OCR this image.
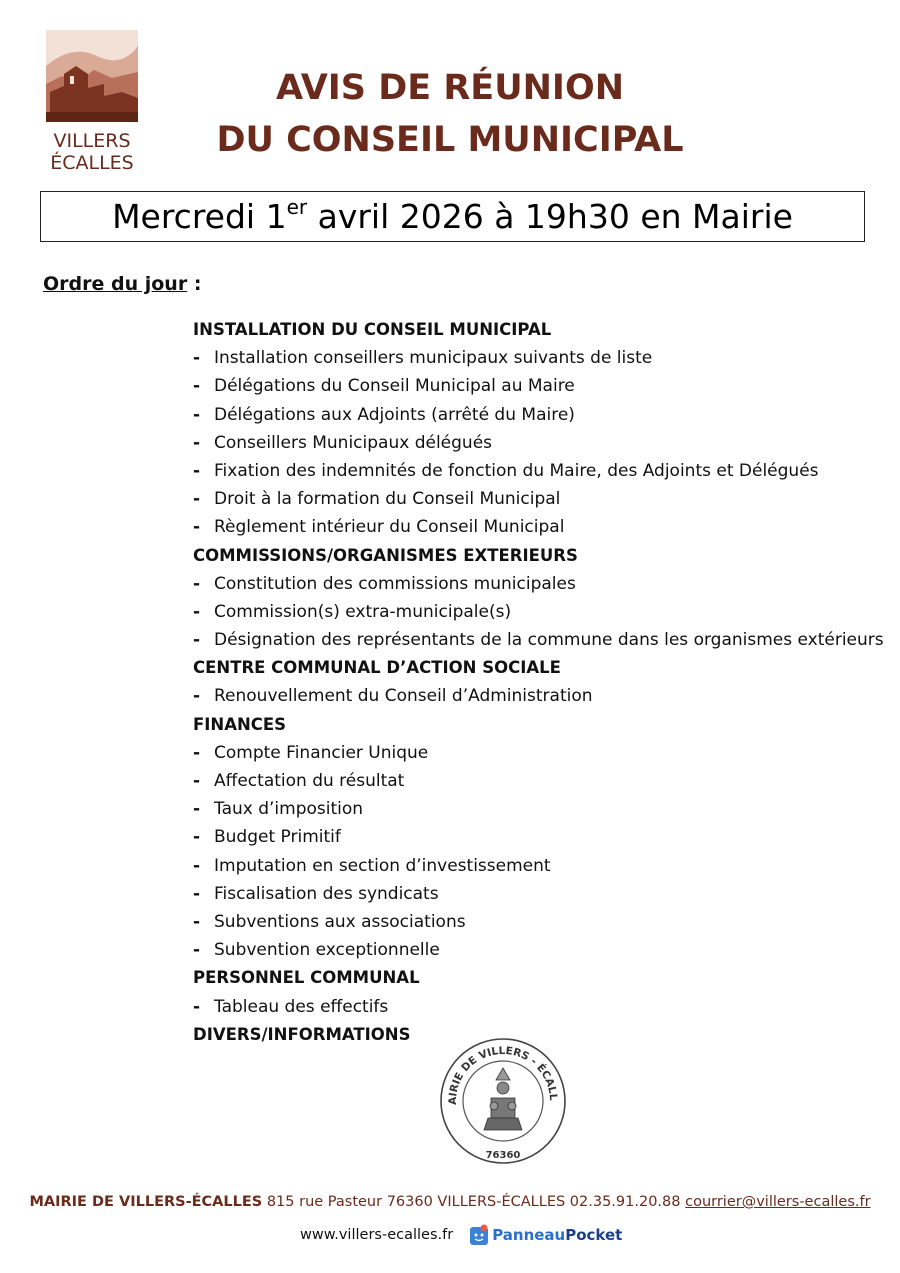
VILLERS
ÉCALLES
AVIS DE RÉUNION
DU CONSEIL MUNICIPAL
Mercredi 1er avril 2026 à 19h30 en Mairie
Ordre du jour :
INSTALLATION DU CONSEIL MUNICIPAL
- Installation conseillers municipaux suivants de liste
- Délégations du Conseil Municipal au Maire
- Délégations aux Adjoints (arrêté du Maire)
- Conseillers Municipaux délégués
- Fixation des indemnités de fonction du Maire, des Adjoints et Délégués
- Droit à la formation du Conseil Municipal
- Règlement intérieur du Conseil Municipal
COMMISSIONS/ORGANISMES EXTERIEURS
- Constitution des commissions municipales
- Commission(s) extra-municipale(s)
- Désignation des représentants de la commune dans les organismes extérieurs
CENTRE COMMUNAL D’ACTION SOCIALE
- Renouvellement du Conseil d’Administration
FINANCES
- Compte Financier Unique
- Affectation du résultat
- Taux d’imposition
- Budget Primitif
- Imputation en section d’investissement
- Fiscalisation des syndicats
- Subventions aux associations
- Subvention exceptionnelle
PERSONNEL COMMUNAL
- Tableau des effectifs
DIVERS/INFORMATIONS
AIRIE DE VILLERS - ÉCALL
76360
MAIRIE DE VILLERS-ÉCALLES 815 rue Pasteur 76360 VILLERS-ÉCALLES 02.35.91.20.88 courrier@villers-ecalles.fr
www.villers-ecalles.fr	PanneauPocket
